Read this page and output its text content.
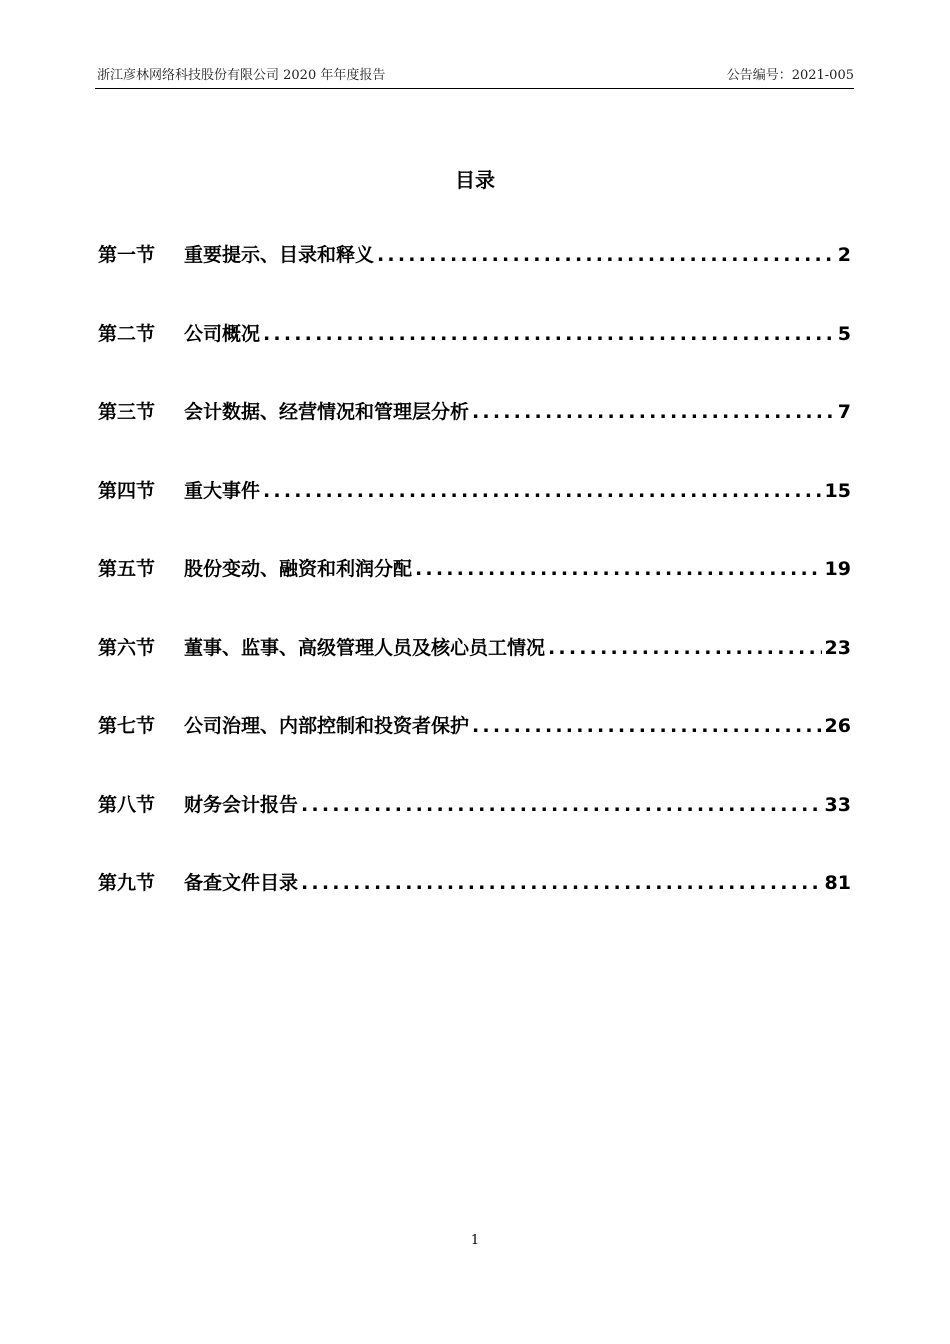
浙江彦林网络科技股份有限公司 2020 年年度报告	公告编号：2021-005
目录
第一节	重要提示、目录和释义 .....	2
第二节	公司概况 .....	5
第三节	会计数据、经营情况和管理层分析 .....	7
第四节	重大事件 .....	15
第五节	股份变动、融资和利润分配 .....	19
第六节	董事、监事、高级管理人员及核心员工情况 .....	23
第七节	公司治理、内部控制和投资者保护 .....	26
第八节	财务会计报告 .....	33
第九节	备查文件目录 .....	81
1
